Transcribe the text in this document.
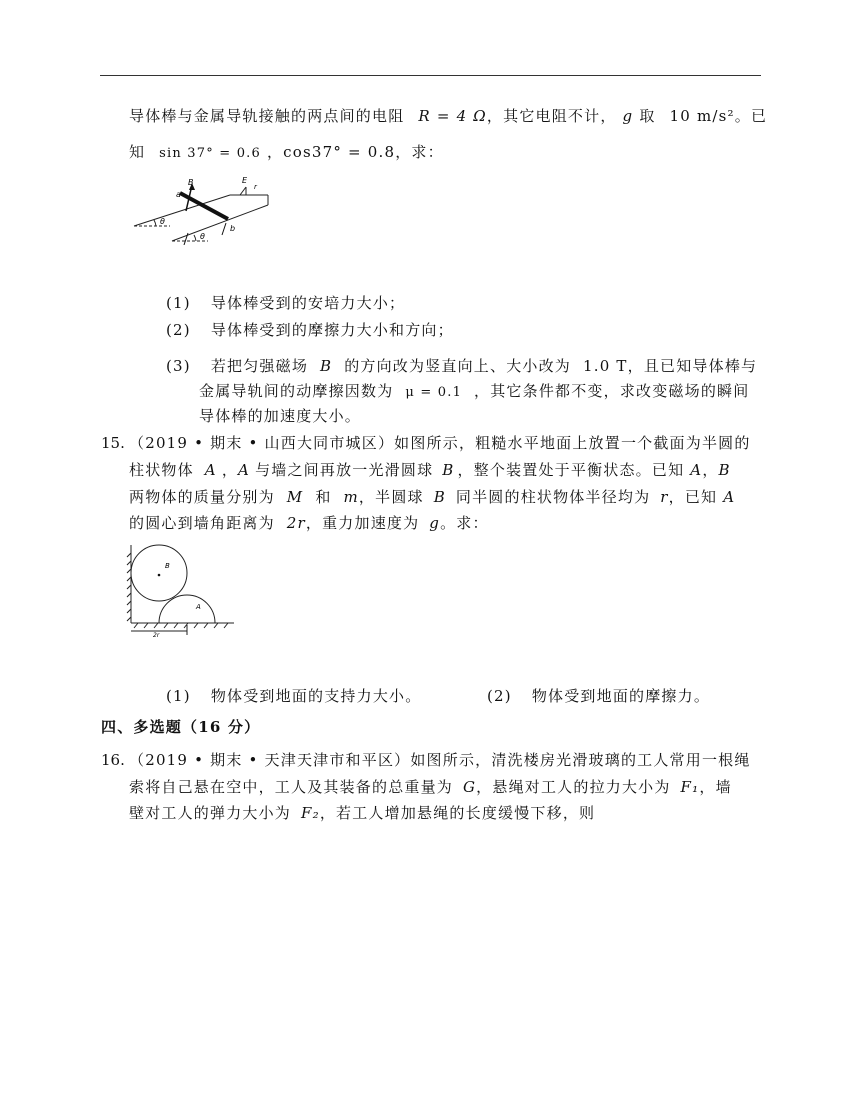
导体棒与金属导轨接触的两点间的电阻 R = 4 Ω，其它电阻不计， g 取 10 m/s²。已
知 sin 37° = 0.6 ，cos37° = 0.8，求：
a
B	E
r
b
θ
θ
(1) 导体棒受到的安培力大小；
(2) 导体棒受到的摩擦力大小和方向；
(3) 若把匀强磁场 B 的方向改为竖直向上、大小改为 1.0 T，且已知导体棒与
金属导轨间的动摩擦因数为 μ = 0.1 ，其它条件都不变，求改变磁场的瞬间
导体棒的加速度大小。
15. （2019 • 期末 • 山西大同市城区）如图所示，粗糙水平地面上放置一个截面为半圆的
柱状物体 A ，A 与墙之间再放一光滑圆球 B ，整个装置处于平衡状态。已知 A，B
两物体的质量分别为 M 和 m，半圆球 B 同半圆的柱状物体半径均为 r，已知 A
的圆心到墙角距离为 2r，重力加速度为 g。求：
B
A
2r
(1) 物体受到地面的支持力大小。	(2) 物体受到地面的摩擦力。
四、多选题（16 分）
16. （2019 • 期末 • 天津天津市和平区）如图所示，清洗楼房光滑玻璃的工人常用一根绳
索将自己悬在空中，工人及其装备的总重量为 G，悬绳对工人的拉力大小为 F₁，墙
壁对工人的弹力大小为 F₂，若工人增加悬绳的长度缓慢下移，则
